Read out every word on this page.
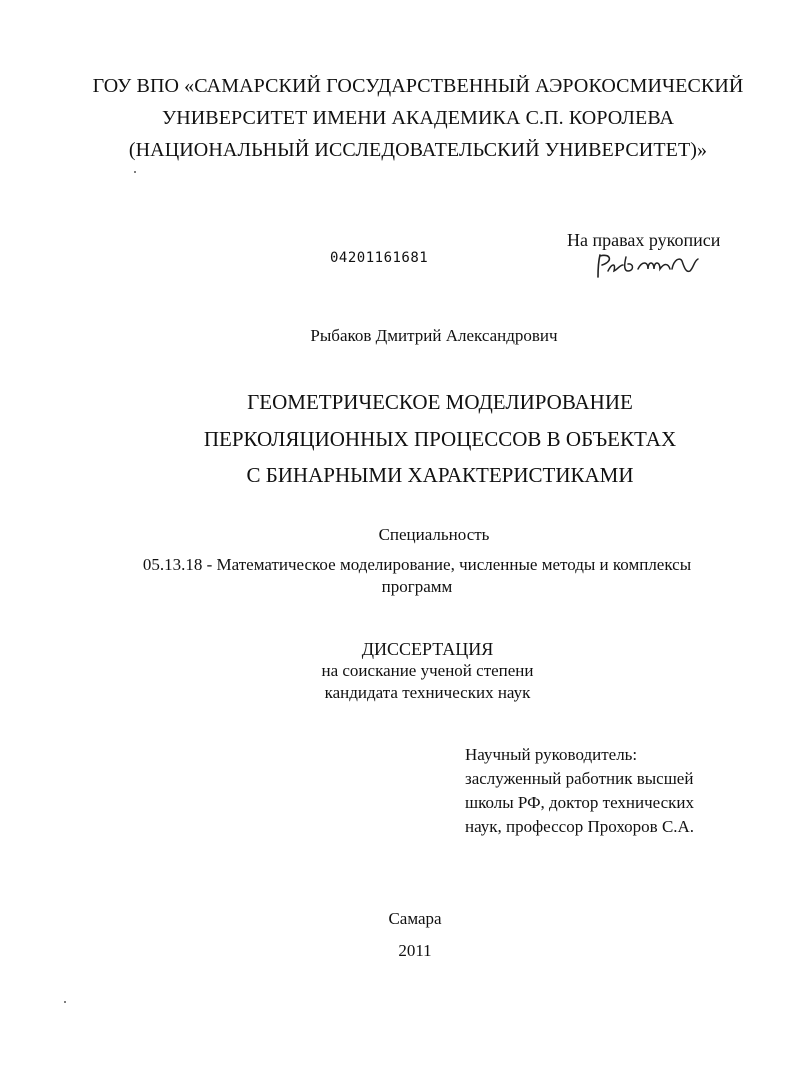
ГОУ ВПО «САМАРСКИЙ ГОСУДАРСТВЕННЫЙ АЭРОКОСМИЧЕСКИЙ
УНИВЕРСИТЕТ ИМЕНИ АКАДЕМИКА С.П. КОРОЛЕВА
(НАЦИОНАЛЬНЫЙ ИССЛЕДОВАТЕЛЬСКИЙ УНИВЕРСИТЕТ)»
04201161681
На правах рукописи
Рыбаков Дмитрий Александрович
ГЕОМЕТРИЧЕСКОЕ МОДЕЛИРОВАНИЕ
ПЕРКОЛЯЦИОННЫХ ПРОЦЕССОВ В ОБЪЕКТАХ
С БИНАРНЫМИ ХАРАКТЕРИСТИКАМИ
Специальность
05.13.18 - Математическое моделирование, численные методы и комплексы
программ
ДИССЕРТАЦИЯ
на соискание ученой степени
кандидата технических наук
Научный руководитель:
заслуженный работник высшей
школы РФ, доктор технических
наук, профессор Прохоров С.А.
Самара
2011
